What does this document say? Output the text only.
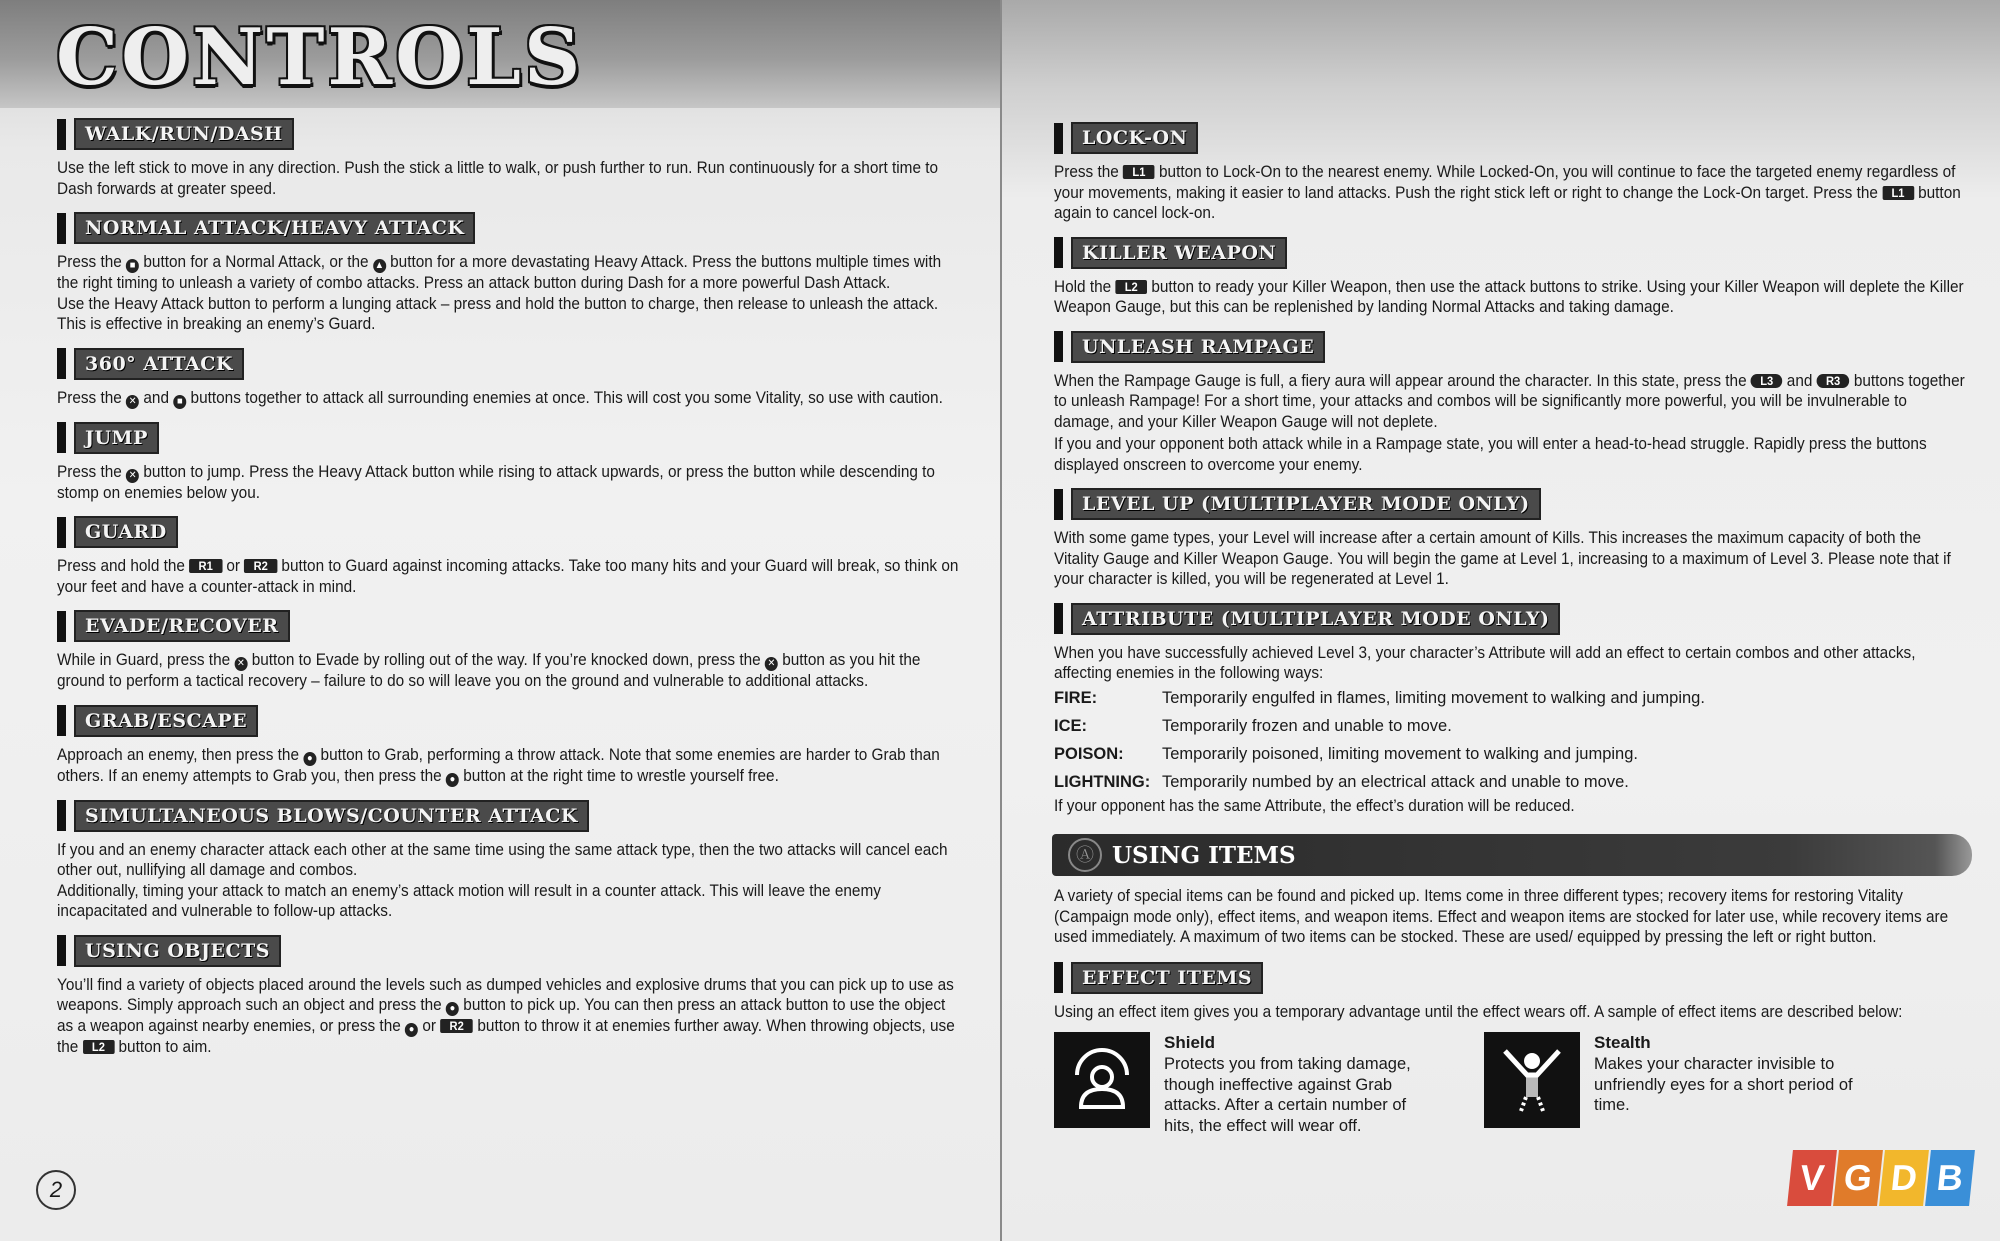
CONTROLS
WALK/RUN/DASH

Use the left stick to move in any direction. Push the stick a little to walk, or push further to run. Run continuously for a short time to Dash forwards at greater speed.

NORMAL ATTACK/HEAVY ATTACK

Press the ■ button for a Normal Attack, or the ▲ button for a more devastating Heavy Attack. Press the buttons multiple times with the right timing to unleash a variety of combo attacks. Press an attack button during Dash for a more powerful Dash Attack.

Use the Heavy Attack button to perform a lunging attack – press and hold the button to charge, then release to unleash the attack. This is effective in breaking an enemy’s Guard.

360° ATTACK

Press the ✕ and ■ buttons together to attack all surrounding enemies at once. This will cost you some Vitality, so use with caution.

JUMP

Press the ✕ button to jump. Press the Heavy Attack button while rising to attack upwards, or press the button while descending to stomp on enemies below you.

GUARD

Press and hold the R1 or R2 button to Guard against incoming attacks. Take too many hits and your Guard will break, so think on your feet and have a counter-attack in mind.

EVADE/RECOVER

While in Guard, press the ✕ button to Evade by rolling out of the way. If you’re knocked down, press the ✕ button as you hit the ground to perform a tactical recovery – failure to do so will leave you on the ground and vulnerable to additional attacks.

GRAB/ESCAPE

Approach an enemy, then press the ● button to Grab, performing a throw attack. Note that some enemies are harder to Grab than others. If an enemy attempts to Grab you, then press the ● button at the right time to wrestle yourself free.

SIMULTANEOUS BLOWS/COUNTER ATTACK

If you and an enemy character attack each other at the same time using the same attack type, then the two attacks will cancel each other out, nullifying all damage and combos.

Additionally, timing your attack to match an enemy’s attack motion will result in a counter attack. This will leave the enemy incapacitated and vulnerable to follow-up attacks.

USING OBJECTS

You’ll find a variety of objects placed around the levels such as dumped vehicles and explosive drums that you can pick up to use as weapons. Simply approach such an object and press the ● button to pick up. You can then press an attack button to use the object as a weapon against nearby enemies, or press the ● or R2 button to throw it at enemies further away. When throwing objects, use the L2 button to aim.

2
LOCK-ON

Press the L1 button to Lock-On to the nearest enemy. While Locked-On, you will continue to face the targeted enemy regardless of your movements, making it easier to land attacks. Push the right stick left or right to change the Lock-On target. Press the L1 button again to cancel lock-on.

KILLER WEAPON

Hold the L2 button to ready your Killer Weapon, then use the attack buttons to strike. Using your Killer Weapon will deplete the Killer Weapon Gauge, but this can be replenished by landing Normal Attacks and taking damage.

UNLEASH RAMPAGE

When the Rampage Gauge is full, a fiery aura will appear around the character. In this state, press the L3 and R3 buttons together to unleash Rampage! For a short time, your attacks and combos will be significantly more powerful, you will be invulnerable to damage, and your Killer Weapon Gauge will not deplete.

If you and your opponent both attack while in a Rampage state, you will enter a head-to-head struggle. Rapidly press the buttons displayed onscreen to overcome your enemy.

LEVEL UP (MULTIPLAYER MODE ONLY)

With some game types, your Level will increase after a certain amount of Kills. This increases the maximum capacity of both the Vitality Gauge and Killer Weapon Gauge. You will begin the game at Level 1, increasing to a maximum of Level 3. Please note that if your character is killed, you will be regenerated at Level 1.

ATTRIBUTE (MULTIPLAYER MODE ONLY)

When you have successfully achieved Level 3, your character’s Attribute will add an effect to certain combos and other attacks, affecting enemies in the following ways:

FIRE:	Temporarily engulfed in flames, limiting movement to walking and jumping.
ICE:	Temporarily frozen and unable to move.
POISON:	Temporarily poisoned, limiting movement to walking and jumping.
LIGHTNING: Temporarily numbed by an electrical attack and unable to move.

If your opponent has the same Attribute, the effect’s duration will be reduced.

Ⓐ USING ITEMS

A variety of special items can be found and picked up. Items come in three different types; recovery items for restoring Vitality (Campaign mode only), effect items, and weapon items. Effect and weapon items are stocked for later use, while recovery items are used immediately. A maximum of two items can be stocked. These are used/ equipped by pressing the left or right button.

EFFECT ITEMS

Using an effect item gives you a temporary advantage until the effect wears off. A sample of effect items are described below:

Shield
Protects you from taking damage, though ineffective against Grab attacks. After a certain number of hits, the effect will wear off.
Stealth
Makes your character invisible to unfriendly eyes for a short period of time.
V G D B
